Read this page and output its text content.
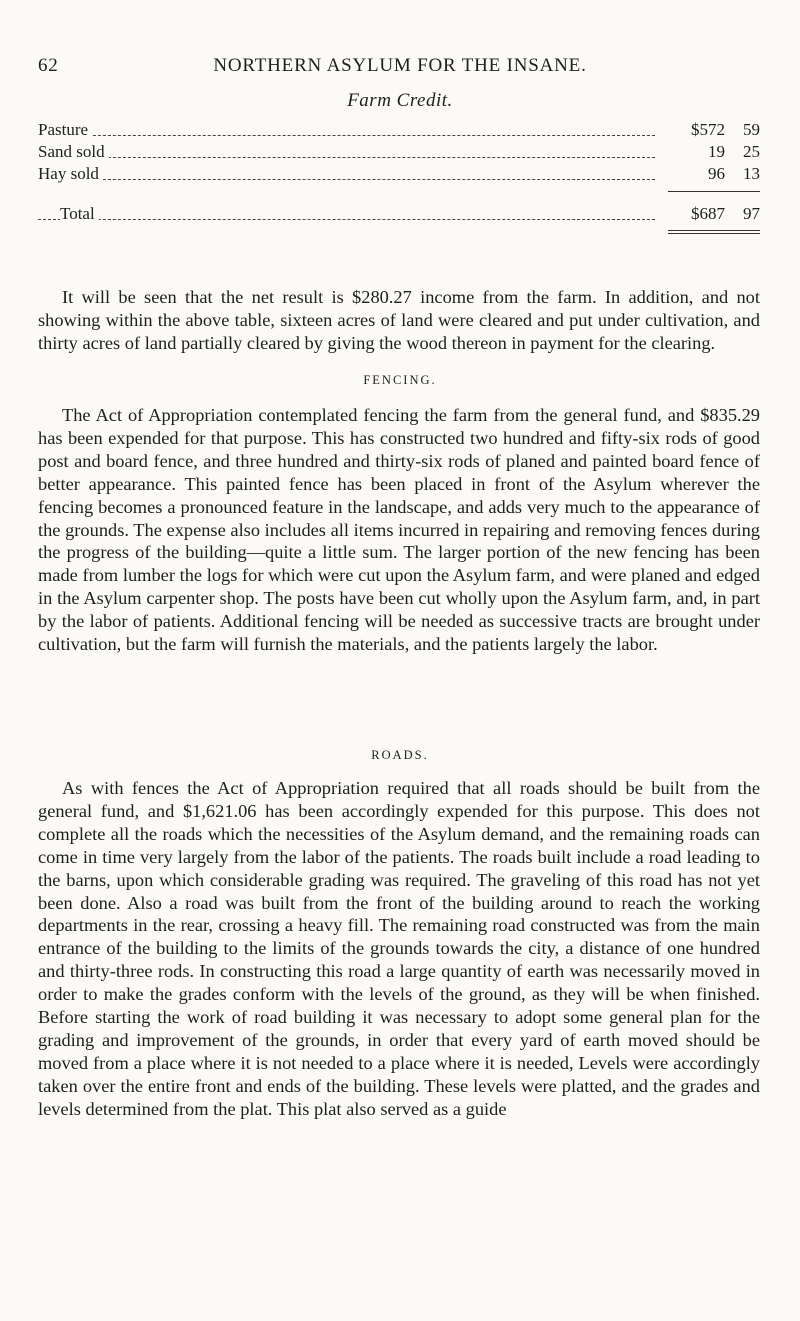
62	NORTHERN ASYLUM FOR THE INSANE.
Farm Credit.
Pasture	$572	59
Sand sold	19	25
Hay sold	96	13
Total	$687	97

It will be seen that the net result is $280.27 income from the farm. In addition, and not showing within the above table, sixteen acres of land were cleared and put under cultivation, and thirty acres of land partially cleared by giving the wood thereon in payment for the clearing.

FENCING.

The Act of Appropriation contemplated fencing the farm from the general fund, and $835.29 has been expended for that purpose. This has constructed two hundred and fifty-six rods of good post and board fence, and three hundred and thirty-six rods of planed and painted board fence of better appearance. This painted fence has been placed in front of the Asylum wherever the fencing becomes a pronounced feature in the landscape, and adds very much to the appearance of the grounds. The expense also includes all items incurred in repairing and removing fences during the progress of the building—quite a little sum. The larger portion of the new fencing has been made from lumber the logs for which were cut upon the Asylum farm, and were planed and edged in the Asylum carpenter shop. The posts have been cut wholly upon the Asylum farm, and, in part by the labor of patients. Additional fencing will be needed as successive tracts are brought under cultivation, but the farm will furnish the materials, and the patients largely the labor.

ROADS.

As with fences the Act of Appropriation required that all roads should be built from the general fund, and $1,621.06 has been accordingly expended for this purpose. This does not complete all the roads which the necessities of the Asylum demand, and the remaining roads can come in time very largely from the labor of the patients. The roads built include a road leading to the barns, upon which considerable grading was required. The graveling of this road has not yet been done. Also a road was built from the front of the building around to reach the working departments in the rear, crossing a heavy fill. The remaining road constructed was from the main entrance of the building to the limits of the grounds towards the city, a distance of one hundred and thirty-three rods. In constructing this road a large quantity of earth was necessarily moved in order to make the grades conform with the levels of the ground, as they will be when finished. Before starting the work of road building it was necessary to adopt some general plan for the grading and improvement of the grounds, in order that every yard of earth moved should be moved from a place where it is not needed to a place where it is needed, Levels were accordingly taken over the entire front and ends of the building. These levels were platted, and the grades and levels determined from the plat. This plat also served as a guide
